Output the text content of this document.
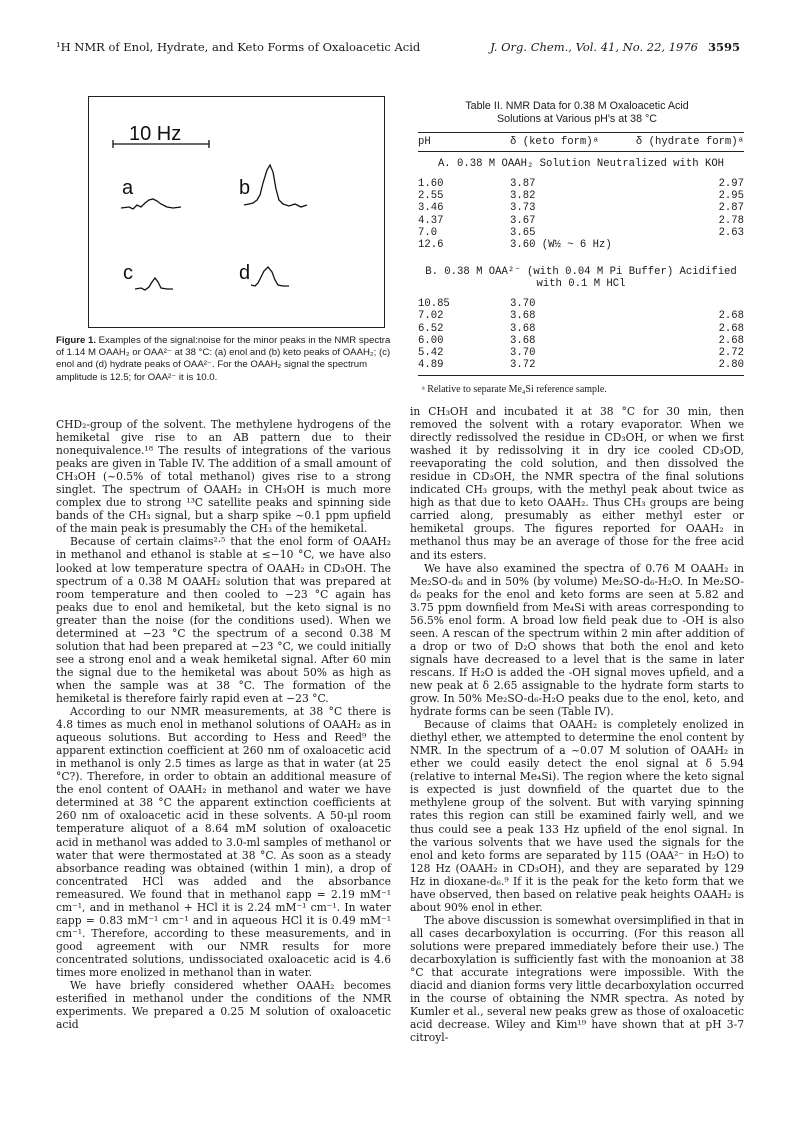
¹H NMR of Enol, Hydrate, and Keto Forms of Oxaloacetic Acid	J. Org. Chem., Vol. 41, No. 22, 1976 3595
10 Hz
a	b
c	d
Figure 1. Examples of the signal:noise for the minor peaks in the NMR spectra of 1.14 M OAAH₂ or OAA²⁻ at 38 °C: (a) enol and (b) keto peaks of OAAH₂; (c) enol and (d) hydrate peaks of OAA²⁻. For the OAAH₂ signal the spectrum amplitude is 12.5; for OAA²⁻ it is 10.0.
Table II. NMR Data for 0.38 M Oxaloacetic Acid
Solutions at Various pH's at 38 °C
pH	δ (keto form)ᵃ	δ (hydrate form)ᵃ
A. 0.38 M OAAH₂ Solution Neutralized with KOH
1.60	3.87	2.97
2.55	3.82	2.95
3.46	3.73	2.87
4.37	3.67	2.78
7.0	3.65	2.63
12.6	3.60 (W½ ~ 6 Hz)
B. 0.38 M OAA²⁻ (with 0.04 M Pi Buffer) Acidified
with 0.1 M HCl
10.85	3.70
7.02	3.68	2.68
6.52	3.68	2.68
6.00	3.68	2.68
5.42	3.70	2.72
4.89	3.72	2.80
ᵃ Relative to separate Me₄Si reference sample.

CHD₂-group of the solvent. The methylene hydrogens of the hemiketal give rise to an AB pattern due to their nonequivalence.¹⁸ The results of integrations of the various peaks are given in Table IV. The addition of a small amount of CH₃OH (~0.5% of total methanol) gives rise to a strong singlet. The spectrum of OAAH₂ in CH₃OH is much more complex due to strong ¹³C satellite peaks and spinning side bands of the CH₃ signal, but a sharp spike ~0.1 ppm upfield of the main peak is presumably the CH₃ of the hemiketal.

Because of certain claims²·⁵ that the enol form of OAAH₂ in methanol and ethanol is stable at ≤−10 °C, we have also looked at low temperature spectra of OAAH₂ in CD₃OH. The spectrum of a 0.38 M OAAH₂ solution that was prepared at room temperature and then cooled to −23 °C again has peaks due to enol and hemiketal, but the keto signal is no greater than the noise (for the conditions used). When we determined at −23 °C the spectrum of a second 0.38 M solution that had been prepared at −23 °C, we could initially see a strong enol and a weak hemiketal signal. After 60 min the signal due to the hemiketal was about 50% as high as when the sample was at 38 °C. The formation of the hemiketal is therefore fairly rapid even at −23 °C.

According to our NMR measurements, at 38 °C there is 4.8 times as much enol in methanol solutions of OAAH₂ as in aqueous solutions. But according to Hess and Reed⁹ the apparent extinction coefficient at 260 nm of oxaloacetic acid in methanol is only 2.5 times as large as that in water (at 25 °C?). Therefore, in order to obtain an additional measure of the enol content of OAAH₂ in methanol and water we have determined at 38 °C the apparent extinction coefficients at 260 nm of oxaloacetic acid in these solvents. A 50-µl room temperature aliquot of a 8.64 mM solution of oxaloacetic acid in methanol was added to 3.0-ml samples of methanol or water that were thermostated at 38 °C. As soon as a steady absorbance reading was obtained (within 1 min), a drop of concentrated HCl was added and the absorbance remeasured. We found that in methanol εapp = 2.19 mM⁻¹ cm⁻¹, and in methanol + HCl it is 2.24 mM⁻¹ cm⁻¹. In water εapp = 0.83 mM⁻¹ cm⁻¹ and in aqueous HCl it is 0.49 mM⁻¹ cm⁻¹. Therefore, according to these measurements, and in good agreement with our NMR results for more concentrated solutions, undissociated oxaloacetic acid is 4.6 times more enolized in methanol than in water.

We have briefly considered whether OAAH₂ becomes esterified in methanol under the conditions of the NMR experiments. We prepared a 0.25 M solution of oxaloacetic acid

in CH₃OH and incubated it at 38 °C for 30 min, then removed the solvent with a rotary evaporator. When we directly redissolved the residue in CD₃OH, or when we first washed it by redissolving it in dry ice cooled CD₃OD, reevaporating the cold solution, and then dissolved the residue in CD₃OH, the NMR spectra of the final solutions indicated CH₃ groups, with the methyl peak about twice as high as that due to keto OAAH₂. Thus CH₃ groups are being carried along, presumably as either methyl ester or hemiketal groups. The figures reported for OAAH₂ in methanol thus may be an average of those for the free acid and its esters.

We have also examined the spectra of 0.76 M OAAH₂ in Me₂SO-d₆ and in 50% (by volume) Me₂SO-d₆-H₂O. In Me₂SO-d₆ peaks for the enol and keto forms are seen at 5.82 and 3.75 ppm downfield from Me₄Si with areas corresponding to 56.5% enol form. A broad low field peak due to -OH is also seen. A rescan of the spectrum within 2 min after addition of a drop or two of D₂O shows that both the enol and keto signals have decreased to a level that is the same in later rescans. If H₂O is added the -OH signal moves upfield, and a new peak at δ 2.65 assignable to the hydrate form starts to grow. In 50% Me₂SO-d₆-H₂O peaks due to the enol, keto, and hydrate forms can be seen (Table IV).

Because of claims that OAAH₂ is completely enolized in diethyl ether, we attempted to determine the enol content by NMR. In the spectrum of a ~0.07 M solution of OAAH₂ in ether we could easily detect the enol signal at δ 5.94 (relative to internal Me₄Si). The region where the keto signal is expected is just downfield of the quartet due to the methylene group of the solvent. But with varying spinning rates this region can still be examined fairly well, and we thus could see a peak 133 Hz upfield of the enol signal. In the various solvents that we have used the signals for the enol and keto forms are separated by 115 (OAA²⁻ in H₂O) to 128 Hz (OAAH₂ in CD₃OH), and they are separated by 129 Hz in dioxane-d₆.⁹ If it is the peak for the keto form that we have observed, then based on relative peak heights OAAH₂ is about 90% enol in ether.

The above discussion is somewhat oversimplified in that in all cases decarboxylation is occurring. (For this reason all solutions were prepared immediately before their use.) The decarboxylation is sufficiently fast with the monoanion at 38 °C that accurate integrations were impossible. With the diacid and dianion forms very little decarboxylation occurred in the course of obtaining the NMR spectra. As noted by Kumler et al., several new peaks grew as those of oxaloacetic acid decrease. Wiley and Kim¹⁹ have shown that at pH 3-7 citroyl-
